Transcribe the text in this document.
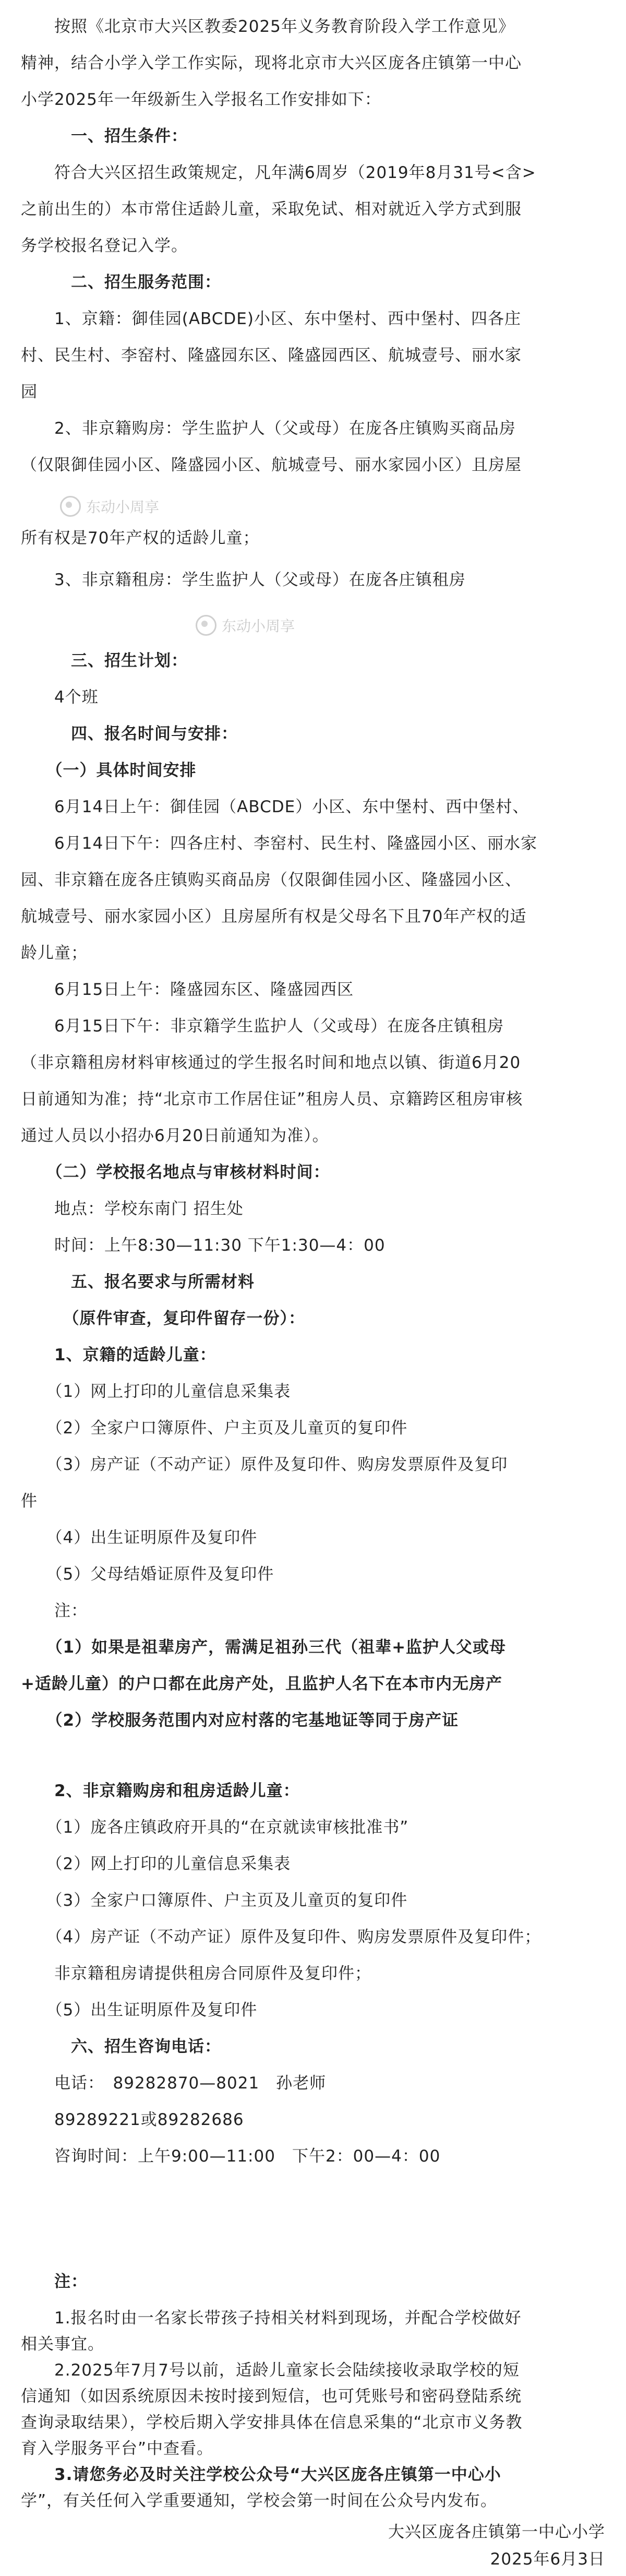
东动小周享
东动小周享
　　按照《北京市大兴区教委2025年义务教育阶段入学工作意见》
精神，结合小学入学工作实际，现将北京市大兴区庞各庄镇第一中心
小学2025年一年级新生入学报名工作安排如下：
　　　一、招生条件：
　　符合大兴区招生政策规定，凡年满6周岁（2019年8月31号<含>
之前出生的）本市常住适龄儿童，采取免试、相对就近入学方式到服
务学校报名登记入学。
　　　二、招生服务范围：
　　1、京籍：御佳园(ABCDE)小区、东中堡村、西中堡村、四各庄
村、民生村、李窑村、隆盛园东区、隆盛园西区、航城壹号、丽水家
园
　　2、非京籍购房：学生监护人（父或母）在庞各庄镇购买商品房
（仅限御佳园小区、隆盛园小区、航城壹号、丽水家园小区）且房屋
所有权是70年产权的适龄儿童；
　　3、非京籍租房：学生监护人（父或母）在庞各庄镇租房
　　　三、招生计划：
　　4个班
　　　四、报名时间与安排：
　　（一）具体时间安排
　　6月14日上午：御佳园（ABCDE）小区、东中堡村、西中堡村、
　　6月14日下午：四各庄村、李窑村、民生村、隆盛园小区、丽水家
园、非京籍在庞各庄镇购买商品房（仅限御佳园小区、隆盛园小区、
航城壹号、丽水家园小区）且房屋所有权是父母名下且70年产权的适
龄儿童；
　　6月15日上午：隆盛园东区、隆盛园西区
　　6月15日下午：非京籍学生监护人（父或母）在庞各庄镇租房
（非京籍租房材料审核通过的学生报名时间和地点以镇、街道6月20
日前通知为准；持“北京市工作居住证”租房人员、京籍跨区租房审核
通过人员以小招办6月20日前通知为准）。
　　（二）学校报名地点与审核材料时间：
　　地点：学校东南门 招生处
　　时间：上午8:30—11:30 下午1:30—4：00
　　　五、报名要求与所需材料
　　　（原件审查，复印件留存一份）：
　　1、京籍的适龄儿童：
　　（1）网上打印的儿童信息采集表
　　（2）全家户口簿原件、户主页及儿童页的复印件
　　（3）房产证（不动产证）原件及复印件、购房发票原件及复印
件
　　（4）出生证明原件及复印件
　　（5）父母结婚证原件及复印件
　　注：
　　（1）如果是祖辈房产，需满足祖孙三代（祖辈+监护人父或母
+适龄儿童）的户口都在此房产处，且监护人名下在本市内无房产
　　（2）学校服务范围内对应村落的宅基地证等同于房产证
　　2、非京籍购房和租房适龄儿童：
　　（1）庞各庄镇政府开具的“在京就读审核批准书”
　　（2）网上打印的儿童信息采集表
　　（3）全家户口簿原件、户主页及儿童页的复印件
　　（4）房产证（不动产证）原件及复印件、购房发票原件及复印件；
　　非京籍租房请提供租房合同原件及复印件；
　　（5）出生证明原件及复印件
　　　六、招生咨询电话：
　　电话：　89282870—8021　孙老师
　　89289221或89282686
　　咨询时间：上午9:00—11:00　下午2：00—4：00
　　注：
　　1.报名时由一名家长带孩子持相关材料到现场，并配合学校做好
相关事宜。
　　2.2025年7月7号以前，适龄儿童家长会陆续接收录取学校的短
信通知（如因系统原因未按时接到短信，也可凭账号和密码登陆系统
查询录取结果），学校后期入学安排具体在信息采集的“北京市义务教
育入学服务平台”中查看。
　　3.请您务必及时关注学校公众号“大兴区庞各庄镇第一中心小
学”，有关任何入学重要通知，学校会第一时间在公众号内发布。
大兴区庞各庄镇第一中心小学
2025年6月3日
